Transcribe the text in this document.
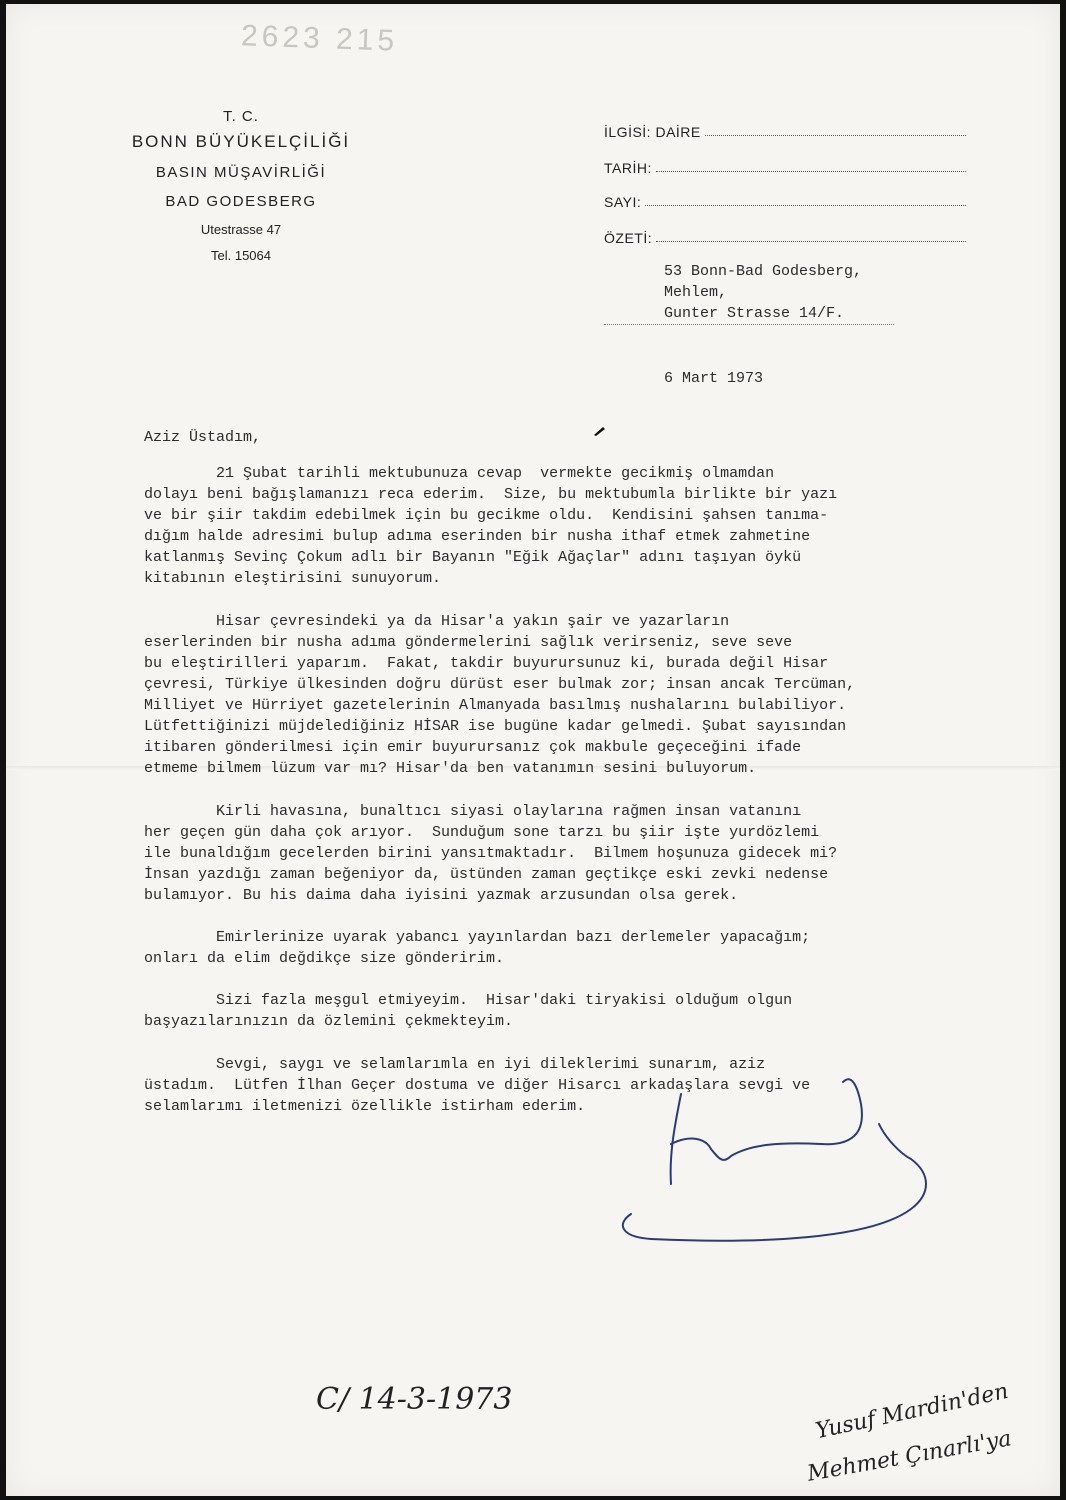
2623 215
T. C.
BONN BÜYÜKELÇİLİĞİ
BASIN MÜŞAVİRLİĞİ
BAD GODESBERG
Utestrasse 47
Tel. 15064
İLGİSİ: DAİRE
TARİH:
SAYI:
ÖZETİ:
53 Bonn-Bad Godesberg,
Mehlem,
Gunter Strasse 14/F.
6 Mart 1973
Aziz Üstadım,
21 Şubat tarihli mektubunuza cevap  vermekte gecikmiş olmamdan
dolayı beni bağışlamanızı reca ederim.  Size, bu mektubumla birlikte bir yazı
ve bir şiir takdim edebilmek için bu gecikme oldu.  Kendisini şahsen tanıma-
dığım halde adresimi bulup adıma eserinden bir nusha ithaf etmek zahmetine
katlanmış Sevinç Çokum adlı bir Bayanın "Eğik Ağaçlar" adını taşıyan öykü
kitabının eleştirisini sunuyorum.

Hisar çevresindeki ya da Hisar'a yakın şair ve yazarların
eserlerinden bir nusha adıma göndermelerini sağlık verirseniz, seve seve
bu eleştirilleri yaparım.  Fakat, takdir buyurursunuz ki, burada değil Hisar
çevresi, Türkiye ülkesinden doğru dürüst eser bulmak zor; insan ancak Tercüman,
Milliyet ve Hürriyet gazetelerinin Almanyada basılmış nushalarını bulabiliyor.
Lütfettiğinizi müjdelediğiniz HİSAR ise bugüne kadar gelmedi. Şubat sayısından
itibaren gönderilmesi için emir buyurursanız çok makbule geçeceğini ifade
etmeme bilmem lüzum var mı? Hisar'da ben vatanımın sesini buluyorum.

Kirli havasına, bunaltıcı siyasi olaylarına rağmen insan vatanını
her geçen gün daha çok arıyor.  Sunduğum sone tarzı bu şiir işte yurdözlemi
ile bunaldığım gecelerden birini yansıtmaktadır.  Bilmem hoşunuza gidecek mi?
İnsan yazdığı zaman beğeniyor da, üstünden zaman geçtikçe eski zevki nedense
bulamıyor. Bu his daima daha iyisini yazmak arzusundan olsa gerek.

Emirlerinize uyarak yabancı yayınlardan bazı derlemeler yapacağım;
onları da elim değdikçe size gönderirim.

Sizi fazla meşgul etmiyeyim.  Hisar'daki tiryakisi olduğum olgun
başyazılarınızın da özlemini çekmekteyim.

Sevgi, saygı ve selamlarımla en iyi dileklerimi sunarım, aziz
üstadım.  Lütfen İlhan Geçer dostuma ve diğer Hisarcı arkadaşlara sevgi ve
selamlarımı iletmenizi özellikle istirham ederim.
C/ 14-3-1973	Yusuf Mardin'den
Mehmet Çınarlı'ya
